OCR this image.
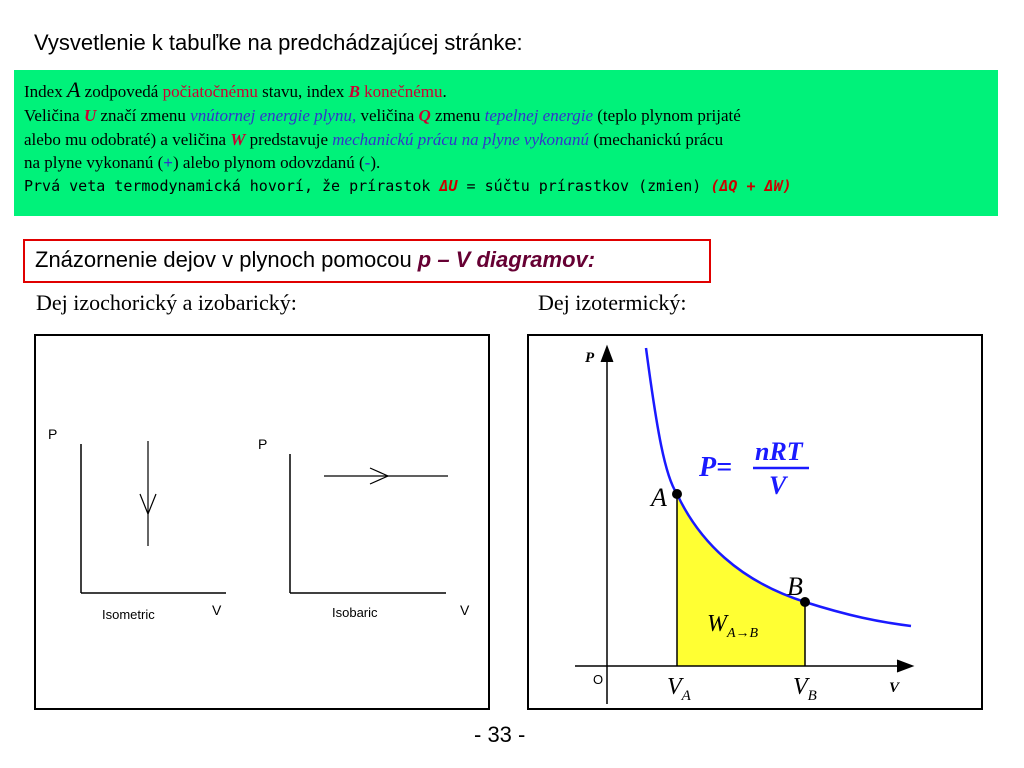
Vysvetlenie k tabuľke na predchádzajúcej stránke:
Index A zodpovedá počiatočnému stavu, index B konečnému.
Veličina U značí zmenu vnútornej energie plynu, veličina Q zmenu tepelnej energie (teplo plynom prijaté
alebo mu odobraté) a veličina W predstavuje mechanickú prácu na plyne vykonanú (mechanickú prácu
na plyne vykonanú (+) alebo plynom odovzdanú (-).
Prvá veta termodynamická hovorí, že prírastok ΔU = súčtu prírastkov (zmien) (ΔQ + ΔW)
Znázornenie dejov v plynoch pomocou p – V diagramov:
Dej izochorický a izobarický:	Dej izotermický:
P
V
Isometric
P
V
Isobaric
P
V
O
A
B
$V_A$	$V_B$
$W_{A\to B}$
P=
nRT
V
- 33 -
